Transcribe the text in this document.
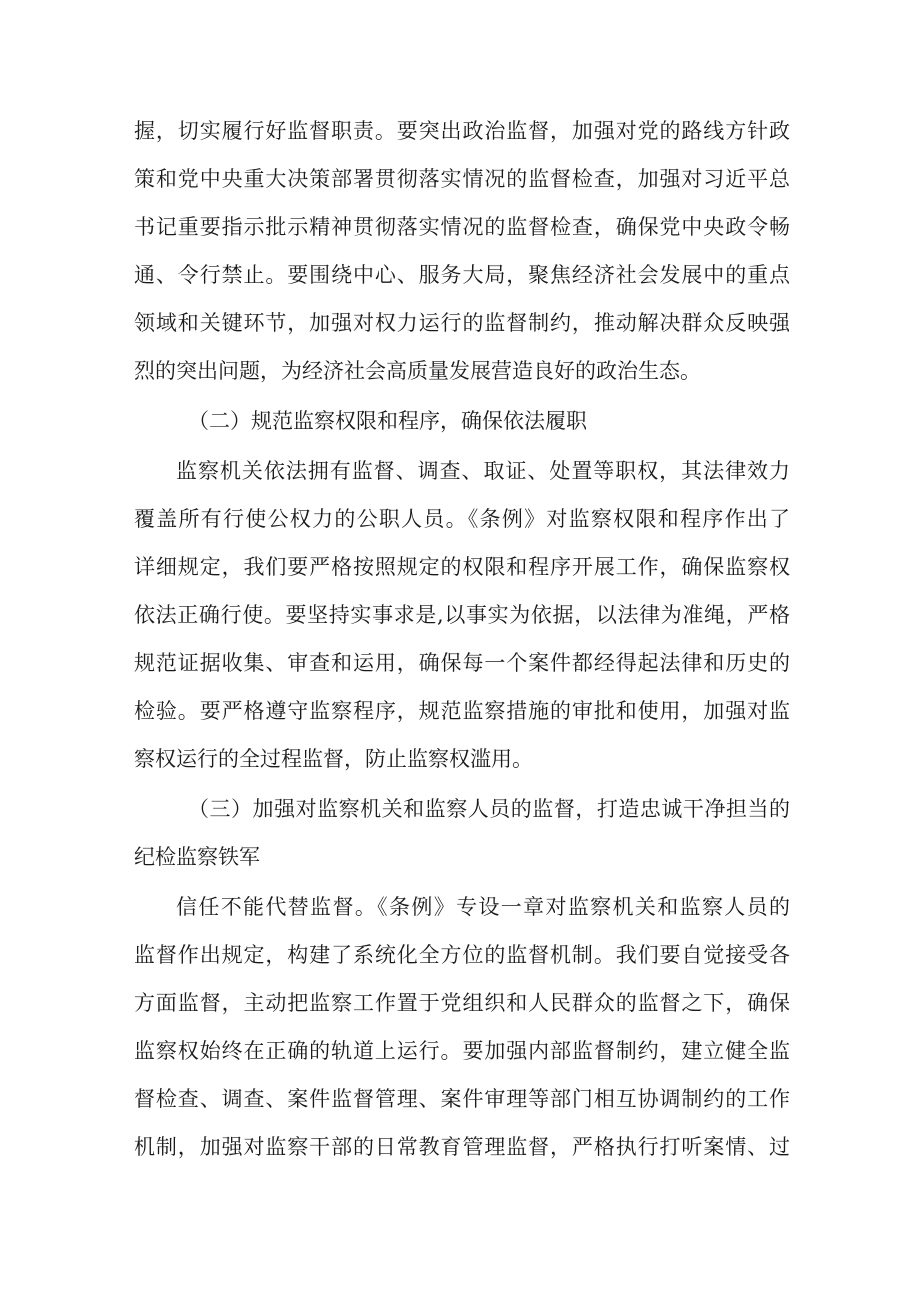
握，切实履行好监督职责。要突出政治监督，加强对党的路线方针政
策和党中央重大决策部署贯彻落实情况的监督检查，加强对习近平总
书记重要指示批示精神贯彻落实情况的监督检查，确保党中央政令畅
通、令行禁止。要围绕中心、服务大局，聚焦经济社会发展中的重点
领域和关键环节，加强对权力运行的监督制约，推动解决群众反映强
烈的突出问题，为经济社会高质量发展营造良好的政治生态。
（二）规范监察权限和程序，确保依法履职
监察机关依法拥有监督、调查、取证、处置等职权，其法律效力
覆盖所有行使公权力的公职人员。《条例》对监察权限和程序作出了
详细规定，我们要严格按照规定的权限和程序开展工作，确保监察权
依法正确行使。要坚持实事求是,以事实为依据，以法律为准绳，严格
规范证据收集、审查和运用，确保每一个案件都经得起法律和历史的
检验。要严格遵守监察程序，规范监察措施的审批和使用，加强对监
察权运行的全过程监督，防止监察权滥用。
（三）加强对监察机关和监察人员的监督，打造忠诚干净担当的
纪检监察铁军
信任不能代替监督。《条例》专设一章对监察机关和监察人员的
监督作出规定，构建了系统化全方位的监督机制。我们要自觉接受各
方面监督，主动把监察工作置于党组织和人民群众的监督之下，确保
监察权始终在正确的轨道上运行。要加强内部监督制约，建立健全监
督检查、调查、案件监督管理、案件审理等部门相互协调制约的工作
机制，加强对监察干部的日常教育管理监督，严格执行打听案情、过
